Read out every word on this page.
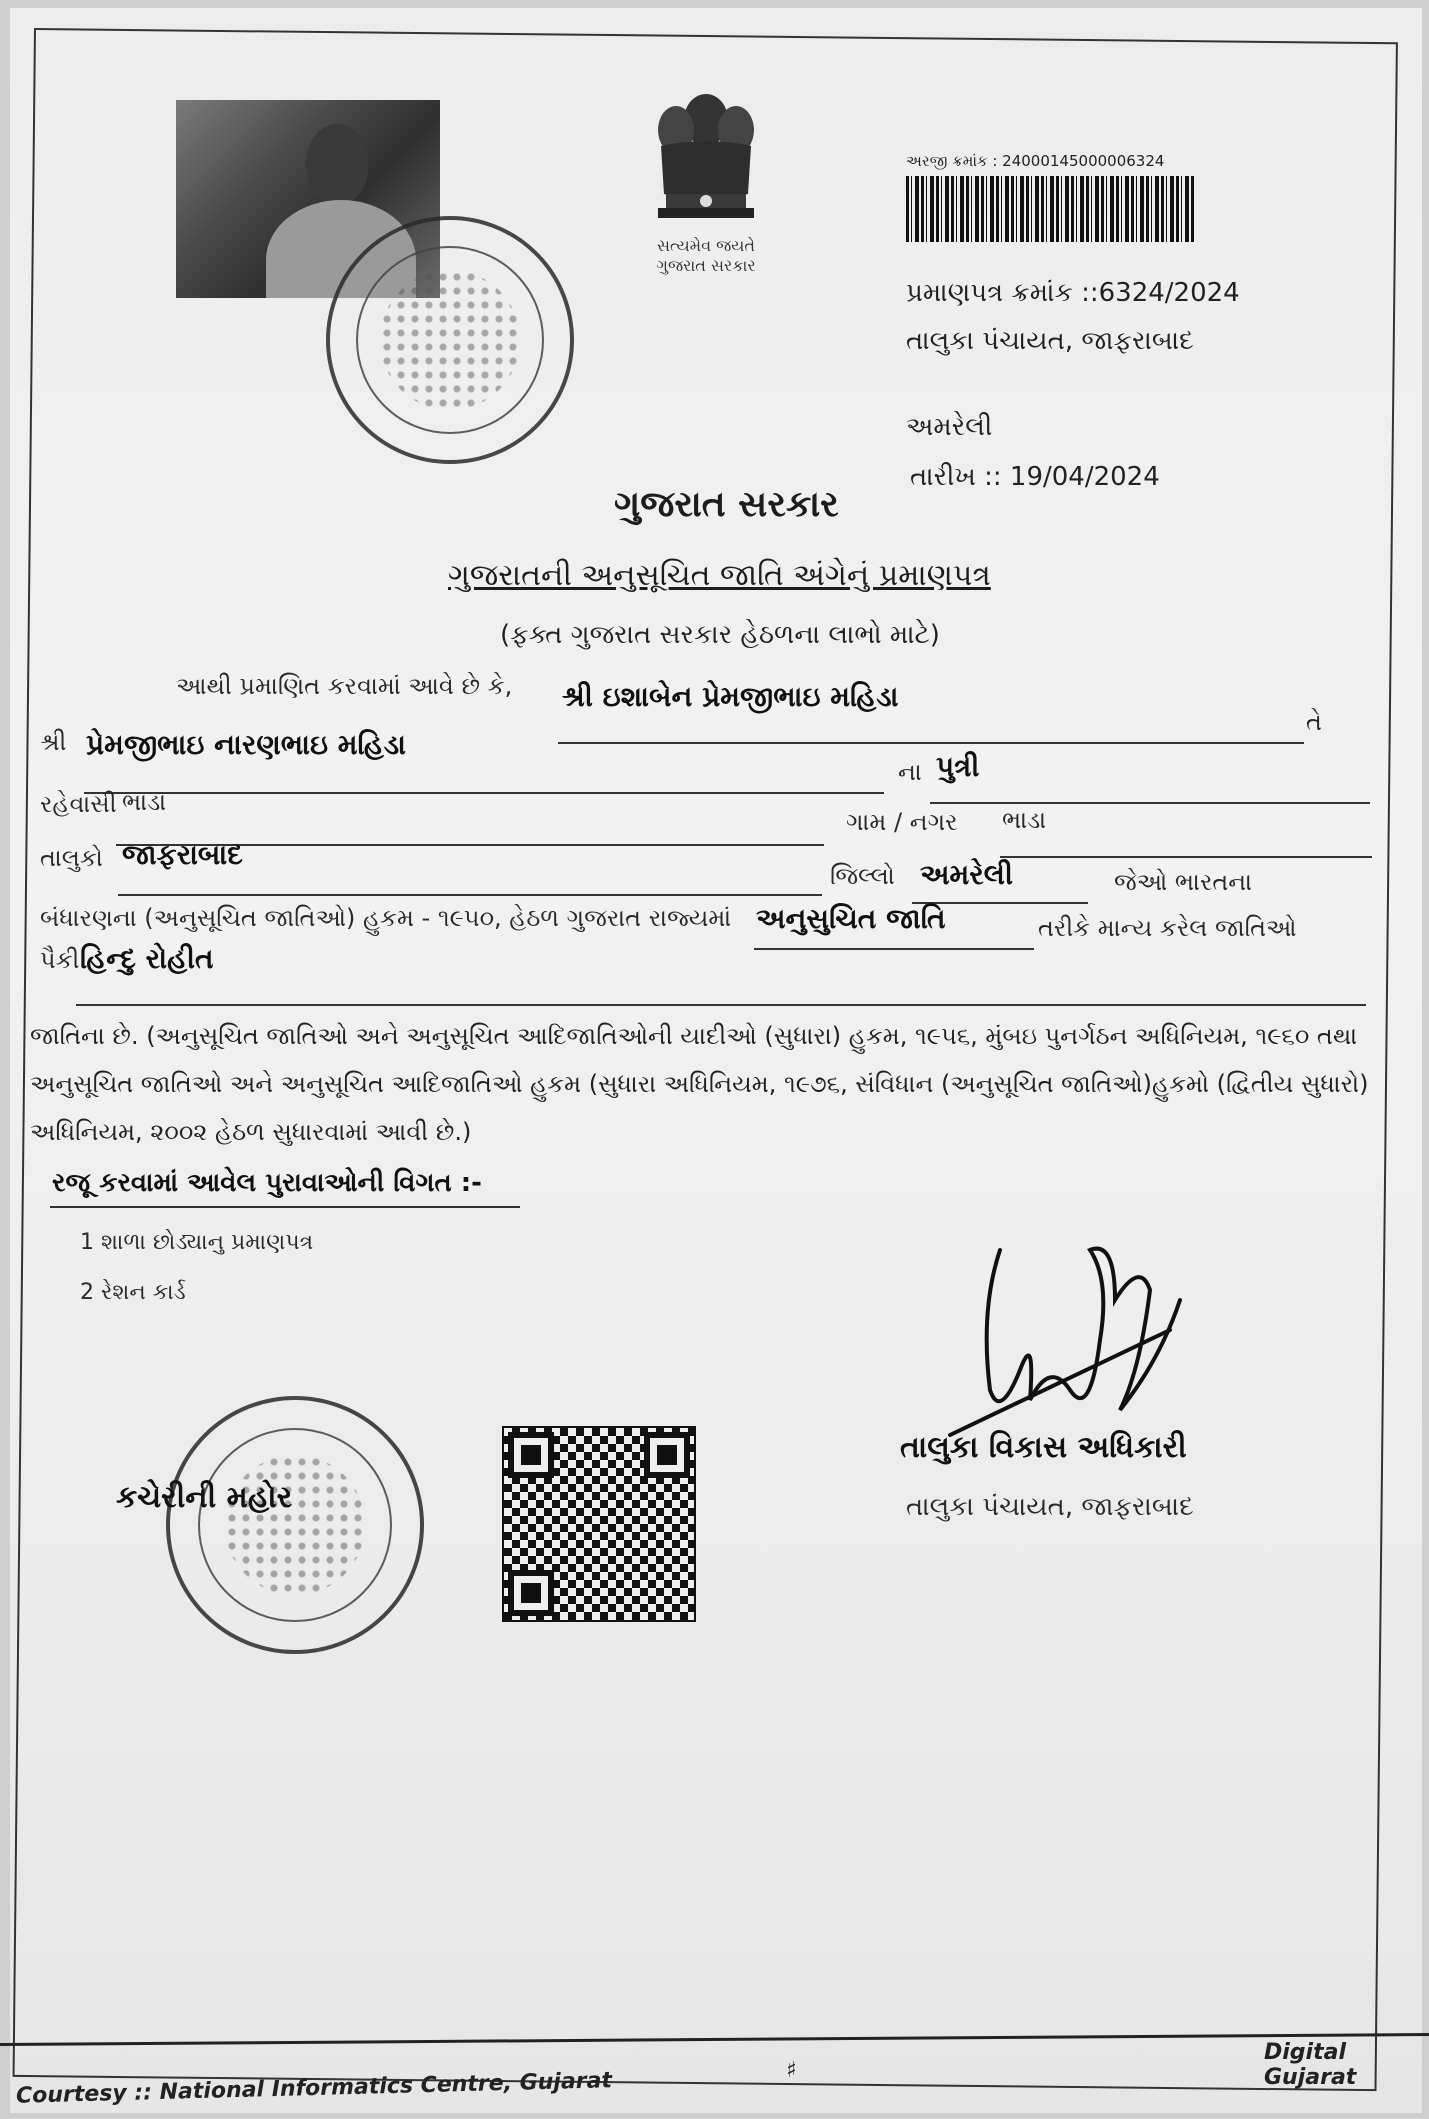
સત્યમેવ જયતે
ગુજરાત સરકાર
અરજી ક્રમાંક : 24000145000006324
પ્રમાણપત્ર ક્રમાંક ::6324/2024
તાલુકા પંચાયત, જાફરાબાદ
અમરેલી
તારીખ :: 19/04/2024
ગુજરાત સરકાર
ગુજરાતની અનુસૂચિત જાતિ અંગેનું પ્રમાણપત્ર
(ફક્ત ગુજરાત સરકાર હેઠળના લાભો માટે)
આથી પ્રમાણિત કરવામાં આવે છે કે, શ્રી ઇશાબેન પ્રેમજીભાઇ મહિડા
તે
શ્રી પ્રેમજીભાઇ નારણભાઇ મહિડા
ના પુત્રી
રહેવાસી ભાડા
ગામ / નગર ભાડા
તાલુકો જાફરાબાદ
જિલ્લો અમરેલી	જેઓ ભારતના
બંધારણના (અનુસૂચિત જાતિઓ) હુકમ - ૧૯૫૦, હેઠળ ગુજરાત રાજ્યમાં અનુસુચિત જાતિ	તરીકે માન્ય કરેલ જાતિઓ
પૈકી હિન્દુ રોહીત
જાતિના છે. (અનુસૂચિત જાતિઓ અને અનુસૂચિત આદિજાતિઓની યાદીઓ (સુધારા) હુકમ, ૧૯૫૬, મુંબઇ પુનર્ગઠન અધિનિયમ, ૧૯૬૦ તથા
અનુસૂચિત જાતિઓ અને અનુસૂચિત આદિજાતિઓ હુકમ (સુધારા અધિનિયમ, ૧૯૭૬, સંવિધાન (અનુસૂચિત જાતિઓ)હુકમો (દ્વિતીય સુધારો)
અધિનિયમ, ૨૦૦૨ હેઠળ સુધારવામાં આવી છે.)
રજૂ કરવામાં આવેલ પુરાવાઓની વિગત :-
1 શાળા છોડ્યાનુ પ્રમાણપત્ર
2 રેશન કાર્ડ
તાલુકા વિકાસ અધિકારી
તાલુકા પંચાયત, જાફરાબાદ
કચેરીની મહોર
Courtesy :: National Informatics Centre, Gujarat	♯
Digital Gujarat
